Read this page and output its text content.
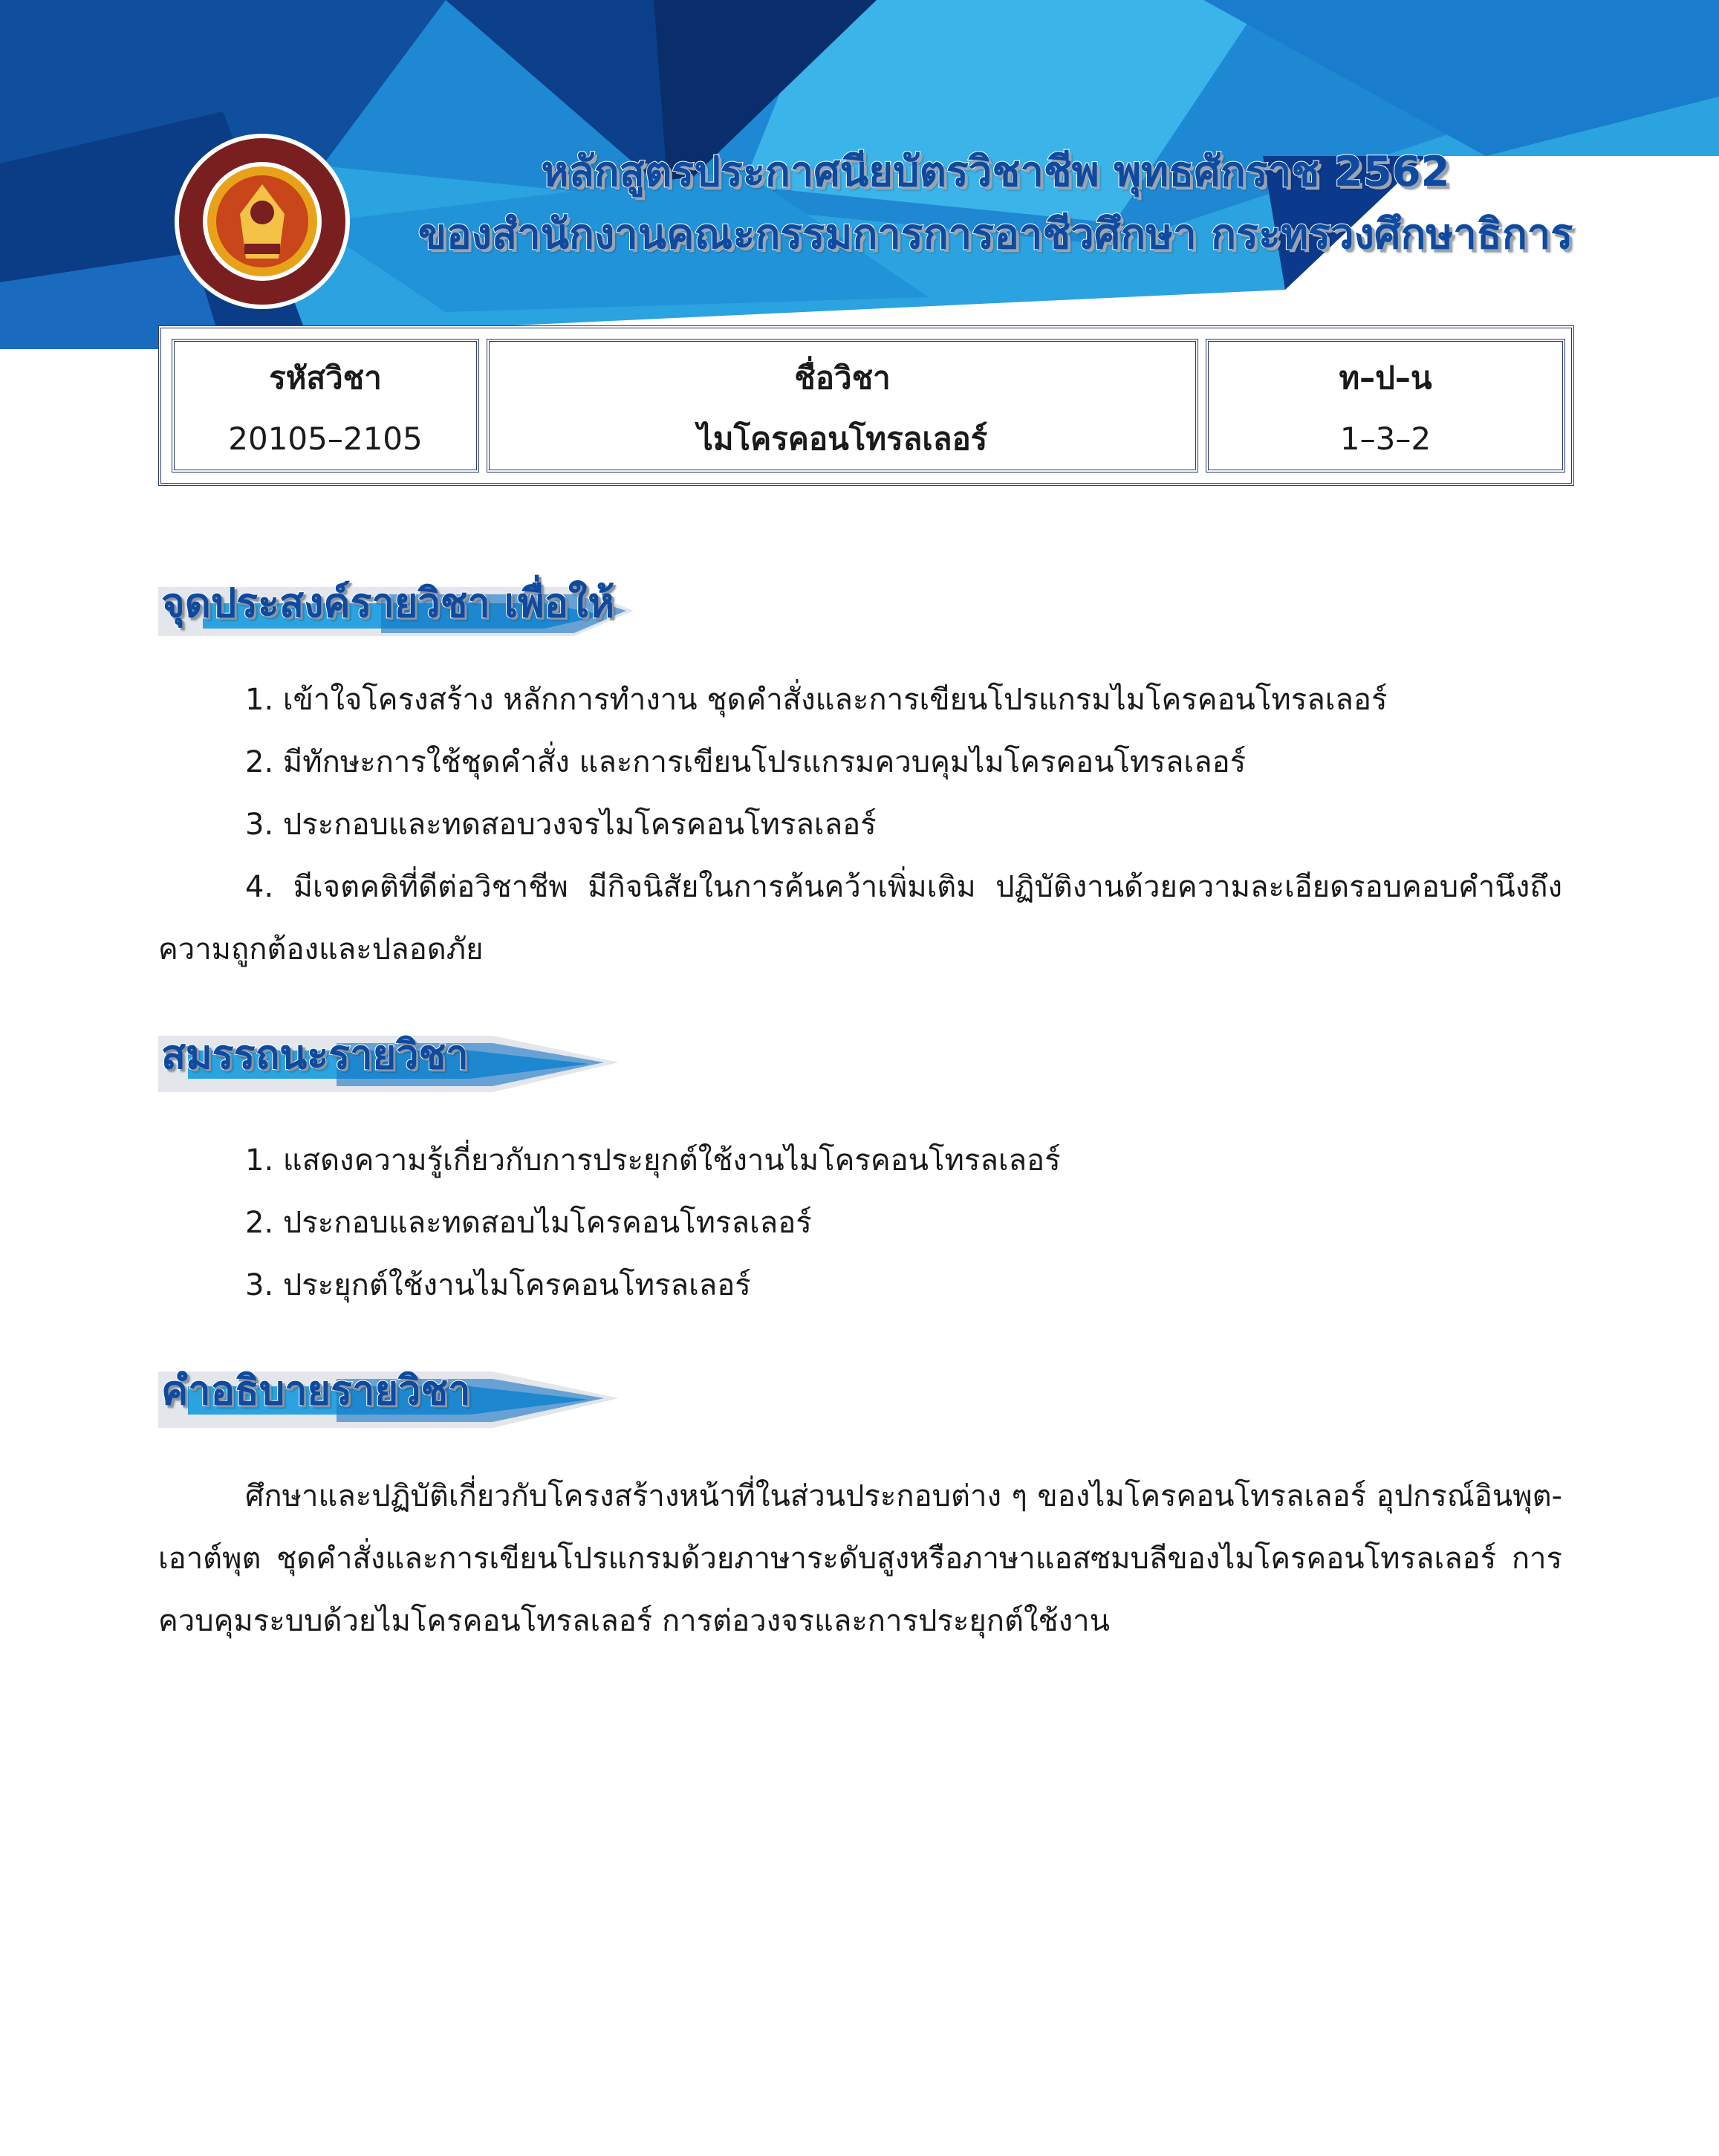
หลักสูตรประกาศนียบัตรวิชาชีพ พุทธศักราช 2562
ของสำนักงานคณะกรรมการการอาชีวศึกษา กระทรวงศึกษาธิการ
รหัสวิชา
20105–2105
ชื่อวิชา
ไมโครคอนโทรลเลอร์
ท–ป–น
1–3–2
จุดประสงค์รายวิชา เพื่อให้
1. เข้าใจโครงสร้าง หลักการทำงาน ชุดคำสั่งและการเขียนโปรแกรมไมโครคอนโทรลเลอร์
2. มีทักษะการใช้ชุดคำสั่ง และการเขียนโปรแกรมควบคุมไมโครคอนโทรลเลอร์
3. ประกอบและทดสอบวงจรไมโครคอนโทรลเลอร์
4. มีเจตคติที่ดีต่อวิชาชีพ มีกิจนิสัยในการค้นคว้าเพิ่มเติม ปฏิบัติงานด้วยความละเอียดรอบคอบคำนึงถึงความถูกต้องและปลอดภัย
สมรรถนะรายวิชา
1. แสดงความรู้เกี่ยวกับการประยุกต์ใช้งานไมโครคอนโทรลเลอร์
2. ประกอบและทดสอบไมโครคอนโทรลเลอร์
3. ประยุกต์ใช้งานไมโครคอนโทรลเลอร์
คำอธิบายรายวิชา
ศึกษาและปฏิบัติเกี่ยวกับโครงสร้างหน้าที่ในส่วนประกอบต่าง ๆ ของไมโครคอนโทรลเลอร์ อุปกรณ์อินพุต-เอาต์พุต ชุดคำสั่งและการเขียนโปรแกรมด้วยภาษาระดับสูงหรือภาษาแอสซมบลีของไมโครคอนโทรลเลอร์ การควบคุมระบบด้วยไมโครคอนโทรลเลอร์ การต่อวงจรและการประยุกต์ใช้งาน
